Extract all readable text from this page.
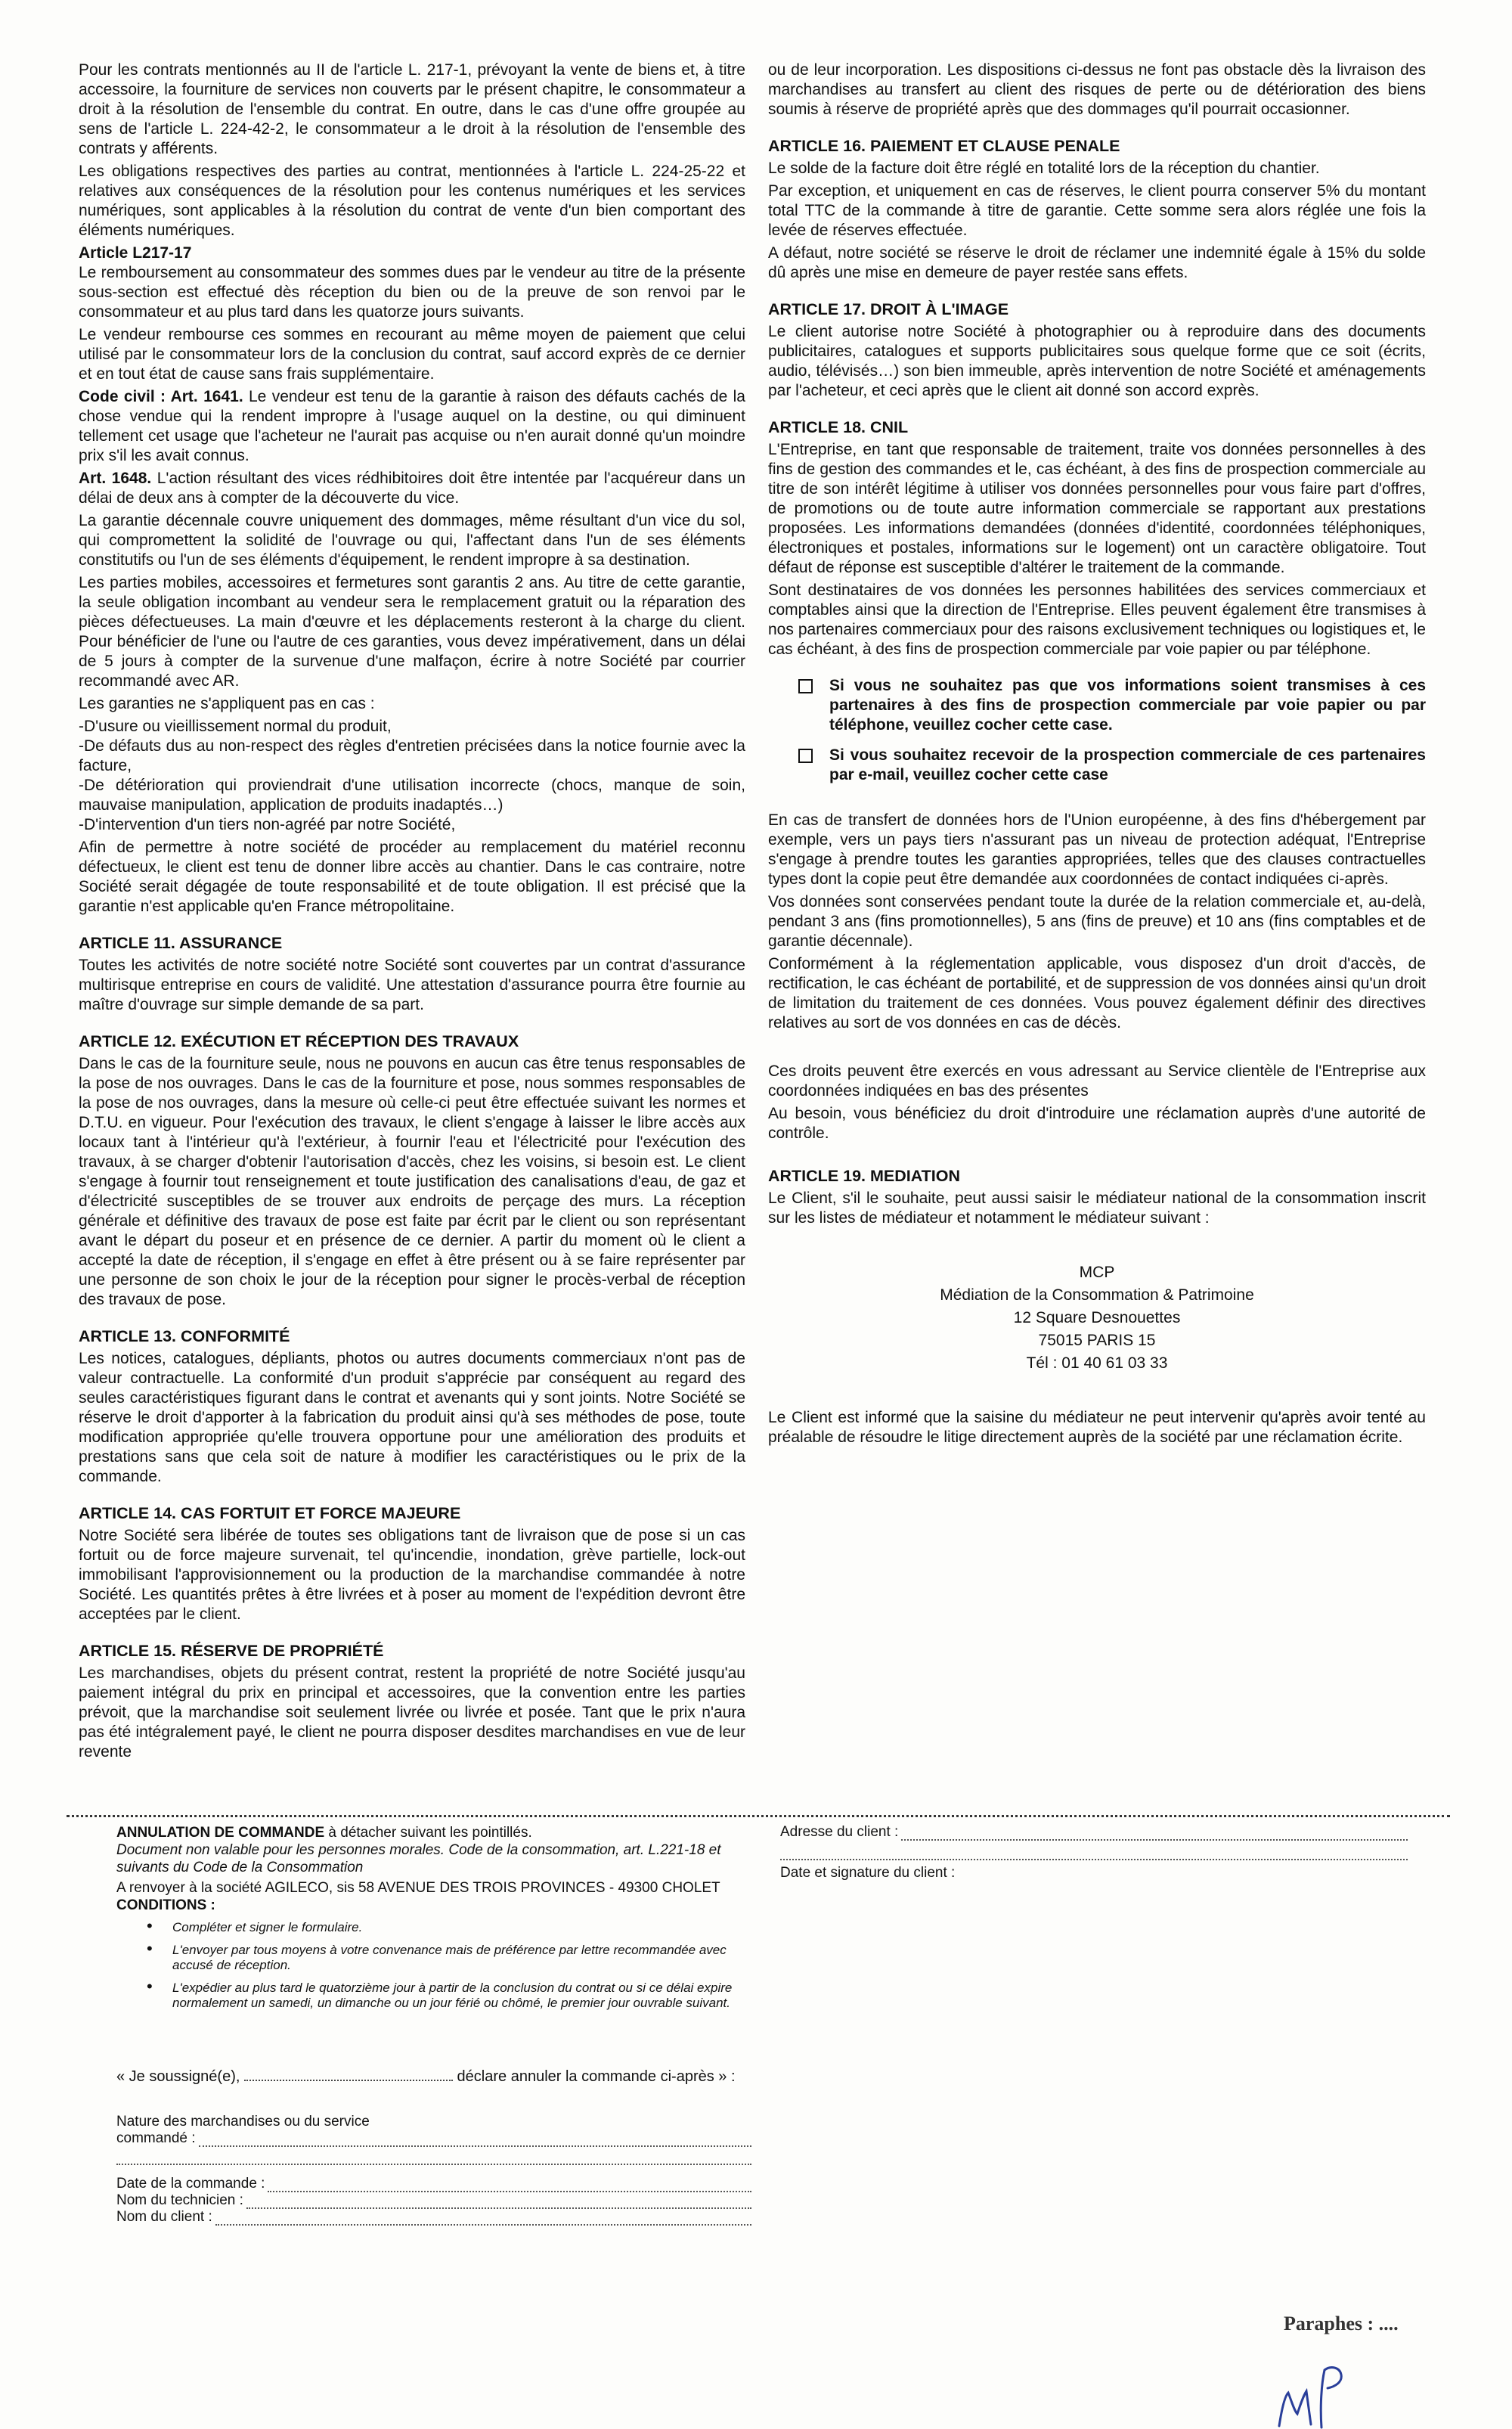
Pour les contrats mentionnés au II de l'article L. 217-1, prévoyant la vente de biens et, à titre accessoire, la fourniture de services non couverts par le présent chapitre, le consommateur a droit à la résolution de l'ensemble du contrat. En outre, dans le cas d'une offre groupée au sens de l'article L. 224-42-2, le consommateur a le droit à la résolution de l'ensemble des contrats y afférents.

Les obligations respectives des parties au contrat, mentionnées à l'article L. 224-25-22 et relatives aux conséquences de la résolution pour les contenus numériques et les services numériques, sont applicables à la résolution du contrat de vente d'un bien comportant des éléments numériques.

Article L217-17

Le remboursement au consommateur des sommes dues par le vendeur au titre de la présente sous-section est effectué dès réception du bien ou de la preuve de son renvoi par le consommateur et au plus tard dans les quatorze jours suivants.

Le vendeur rembourse ces sommes en recourant au même moyen de paiement que celui utilisé par le consommateur lors de la conclusion du contrat, sauf accord exprès de ce dernier et en tout état de cause sans frais supplémentaire.

Code civil : Art. 1641. Le vendeur est tenu de la garantie à raison des défauts cachés de la chose vendue qui la rendent impropre à l'usage auquel on la destine, ou qui diminuent tellement cet usage que l'acheteur ne l'aurait pas acquise ou n'en aurait donné qu'un moindre prix s'il les avait connus.

Art. 1648. L'action résultant des vices rédhibitoires doit être intentée par l'acquéreur dans un délai de deux ans à compter de la découverte du vice.

La garantie décennale couvre uniquement des dommages, même résultant d'un vice du sol, qui compromettent la solidité de l'ouvrage ou qui, l'affectant dans l'un de ses éléments constitutifs ou l'un de ses éléments d'équipement, le rendent impropre à sa destination.

Les parties mobiles, accessoires et fermetures sont garantis 2 ans. Au titre de cette garantie, la seule obligation incombant au vendeur sera le remplacement gratuit ou la réparation des pièces défectueuses. La main d'œuvre et les déplacements resteront à la charge du client. Pour bénéficier de l'une ou l'autre de ces garanties, vous devez impérativement, dans un délai de 5 jours à compter de la survenue d'une malfaçon, écrire à notre Société par courrier recommandé avec AR.

Les garanties ne s'appliquent pas en cas :

-D'usure ou vieillissement normal du produit,
-De défauts dus au non-respect des règles d'entretien précisées dans la notice fournie avec la facture,
-De détérioration qui proviendrait d'une utilisation incorrecte (chocs, manque de soin, mauvaise manipulation, application de produits inadaptés…)
-D'intervention d'un tiers non-agréé par notre Société,

Afin de permettre à notre société de procéder au remplacement du matériel reconnu défectueux, le client est tenu de donner libre accès au chantier. Dans le cas contraire, notre Société serait dégagée de toute responsabilité et de toute obligation. Il est précisé que la garantie n'est applicable qu'en France métropolitaine.

ARTICLE 11. ASSURANCE

Toutes les activités de notre société notre Société sont couvertes par un contrat d'assurance multirisque entreprise en cours de validité. Une attestation d'assurance pourra être fournie au maître d'ouvrage sur simple demande de sa part.

ARTICLE 12. EXÉCUTION ET RÉCEPTION DES TRAVAUX

Dans le cas de la fourniture seule, nous ne pouvons en aucun cas être tenus responsables de la pose de nos ouvrages. Dans le cas de la fourniture et pose, nous sommes responsables de la pose de nos ouvrages, dans la mesure où celle-ci peut être effectuée suivant les normes et D.T.U. en vigueur. Pour l'exécution des travaux, le client s'engage à laisser le libre accès aux locaux tant à l'intérieur qu'à l'extérieur, à fournir l'eau et l'électricité pour l'exécution des travaux, à se charger d'obtenir l'autorisation d'accès, chez les voisins, si besoin est. Le client s'engage à fournir tout renseignement et toute justification des canalisations d'eau, de gaz et d'électricité susceptibles de se trouver aux endroits de perçage des murs. La réception générale et définitive des travaux de pose est faite par écrit par le client ou son représentant avant le départ du poseur et en présence de ce dernier. A partir du moment où le client a accepté la date de réception, il s'engage en effet à être présent ou à se faire représenter par une personne de son choix le jour de la réception pour signer le procès-verbal de réception des travaux de pose.

ARTICLE 13. CONFORMITÉ

Les notices, catalogues, dépliants, photos ou autres documents commerciaux n'ont pas de valeur contractuelle. La conformité d'un produit s'apprécie par conséquent au regard des seules caractéristiques figurant dans le contrat et avenants qui y sont joints. Notre Société se réserve le droit d'apporter à la fabrication du produit ainsi qu'à ses méthodes de pose, toute modification appropriée qu'elle trouvera opportune pour une amélioration des produits et prestations sans que cela soit de nature à modifier les caractéristiques ou le prix de la commande.

ARTICLE 14. CAS FORTUIT ET FORCE MAJEURE

Notre Société sera libérée de toutes ses obligations tant de livraison que de pose si un cas fortuit ou de force majeure survenait, tel qu'incendie, inondation, grève partielle, lock-out immobilisant l'approvisionnement ou la production de la marchandise commandée à notre Société. Les quantités prêtes à être livrées et à poser au moment de l'expédition devront être acceptées par le client.

ARTICLE 15. RÉSERVE DE PROPRIÉTÉ

Les marchandises, objets du présent contrat, restent la propriété de notre Société jusqu'au paiement intégral du prix en principal et accessoires, que la convention entre les parties prévoit, que la marchandise soit seulement livrée ou livrée et posée. Tant que le prix n'aura pas été intégralement payé, le client ne pourra disposer desdites marchandises en vue de leur revente

ou de leur incorporation. Les dispositions ci-dessus ne font pas obstacle dès la livraison des marchandises au transfert au client des risques de perte ou de détérioration des biens soumis à réserve de propriété après que des dommages qu'il pourrait occasionner.

ARTICLE 16. PAIEMENT ET CLAUSE PENALE

Le solde de la facture doit être réglé en totalité lors de la réception du chantier.

Par exception, et uniquement en cas de réserves, le client pourra conserver 5% du montant total TTC de la commande à titre de garantie. Cette somme sera alors réglée une fois la levée de réserves effectuée.

A défaut, notre société se réserve le droit de réclamer une indemnité égale à 15% du solde dû après une mise en demeure de payer restée sans effets.

ARTICLE 17. DROIT À L'IMAGE

Le client autorise notre Société à photographier ou à reproduire dans des documents publicitaires, catalogues et supports publicitaires sous quelque forme que ce soit (écrits, audio, télévisés…) son bien immeuble, après intervention de notre Société et aménagements par l'acheteur, et ceci après que le client ait donné son accord exprès.

ARTICLE 18. CNIL

L'Entreprise, en tant que responsable de traitement, traite vos données personnelles à des fins de gestion des commandes et le, cas échéant, à des fins de prospection commerciale au titre de son intérêt légitime à utiliser vos données personnelles pour vous faire part d'offres, de promotions ou de toute autre information commerciale se rapportant aux prestations proposées. Les informations demandées (données d'identité, coordonnées téléphoniques, électroniques et postales, informations sur le logement) ont un caractère obligatoire. Tout défaut de réponse est susceptible d'altérer le traitement de la commande.

Sont destinataires de vos données les personnes habilitées des services commerciaux et comptables ainsi que la direction de l'Entreprise. Elles peuvent également être transmises à nos partenaires commerciaux pour des raisons exclusivement techniques ou logistiques et, le cas échéant, à des fins de prospection commerciale par voie papier ou par téléphone.

Si vous ne souhaitez pas que vos informations soient transmises à ces partenaires à des fins de prospection commerciale par voie papier ou par téléphone, veuillez cocher cette case.
Si vous souhaitez recevoir de la prospection commerciale de ces partenaires par e-mail, veuillez cocher cette case

En cas de transfert de données hors de l'Union européenne, à des fins d'hébergement par exemple, vers un pays tiers n'assurant pas un niveau de protection adéquat, l'Entreprise s'engage à prendre toutes les garanties appropriées, telles que des clauses contractuelles types dont la copie peut être demandée aux coordonnées de contact indiquées ci-après.

Vos données sont conservées pendant toute la durée de la relation commerciale et, au-delà, pendant 3 ans (fins promotionnelles), 5 ans (fins de preuve) et 10 ans (fins comptables et de garantie décennale).

Conformément à la réglementation applicable, vous disposez d'un droit d'accès, de rectification, le cas échéant de portabilité, et de suppression de vos données ainsi qu'un droit de limitation du traitement de ces données. Vous pouvez également définir des directives relatives au sort de vos données en cas de décès.

Ces droits peuvent être exercés en vous adressant au Service clientèle de l'Entreprise aux coordonnées indiquées en bas des présentes

Au besoin, vous bénéficiez du droit d'introduire une réclamation auprès d'une autorité de contrôle.

ARTICLE 19. MEDIATION

Le Client, s'il le souhaite, peut aussi saisir le médiateur national de la consommation inscrit sur les listes de médiateur et notamment le médiateur suivant :

MCP
Médiation de la Consommation & Patrimoine
12 Square Desnouettes
75015 PARIS 15
Tél : 01 40 61 03 33

Le Client est informé que la saisine du médiateur ne peut intervenir qu'après avoir tenté au préalable de résoudre le litige directement auprès de la société par une réclamation écrite.

ANNULATION DE COMMANDE à détacher suivant les pointillés.
Document non valable pour les personnes morales. Code de la consommation, art. L.221-18 et suivants du Code de la Consommation
A renvoyer à la société AGILECO, sis 58 AVENUE DES TROIS PROVINCES - 49300 CHOLET
CONDITIONS :
• Compléter et signer le formulaire.
• L'envoyer par tous moyens à votre convenance mais de préférence par lettre recommandée avec accusé de réception.
• L'expédier au plus tard le quatorzième jour à partir de la conclusion du contrat ou si ce délai expire normalement un samedi, un dimanche ou un jour férié ou chômé, le premier jour ouvrable suivant.
« Je soussigné(e),	déclare annuler la commande ci-après » :
Nature des marchandises ou du service
commandé :
Date de la commande :
Nom du technicien :
Nom du client :
Adresse du client :
Date et signature du client :
Paraphes : ....
